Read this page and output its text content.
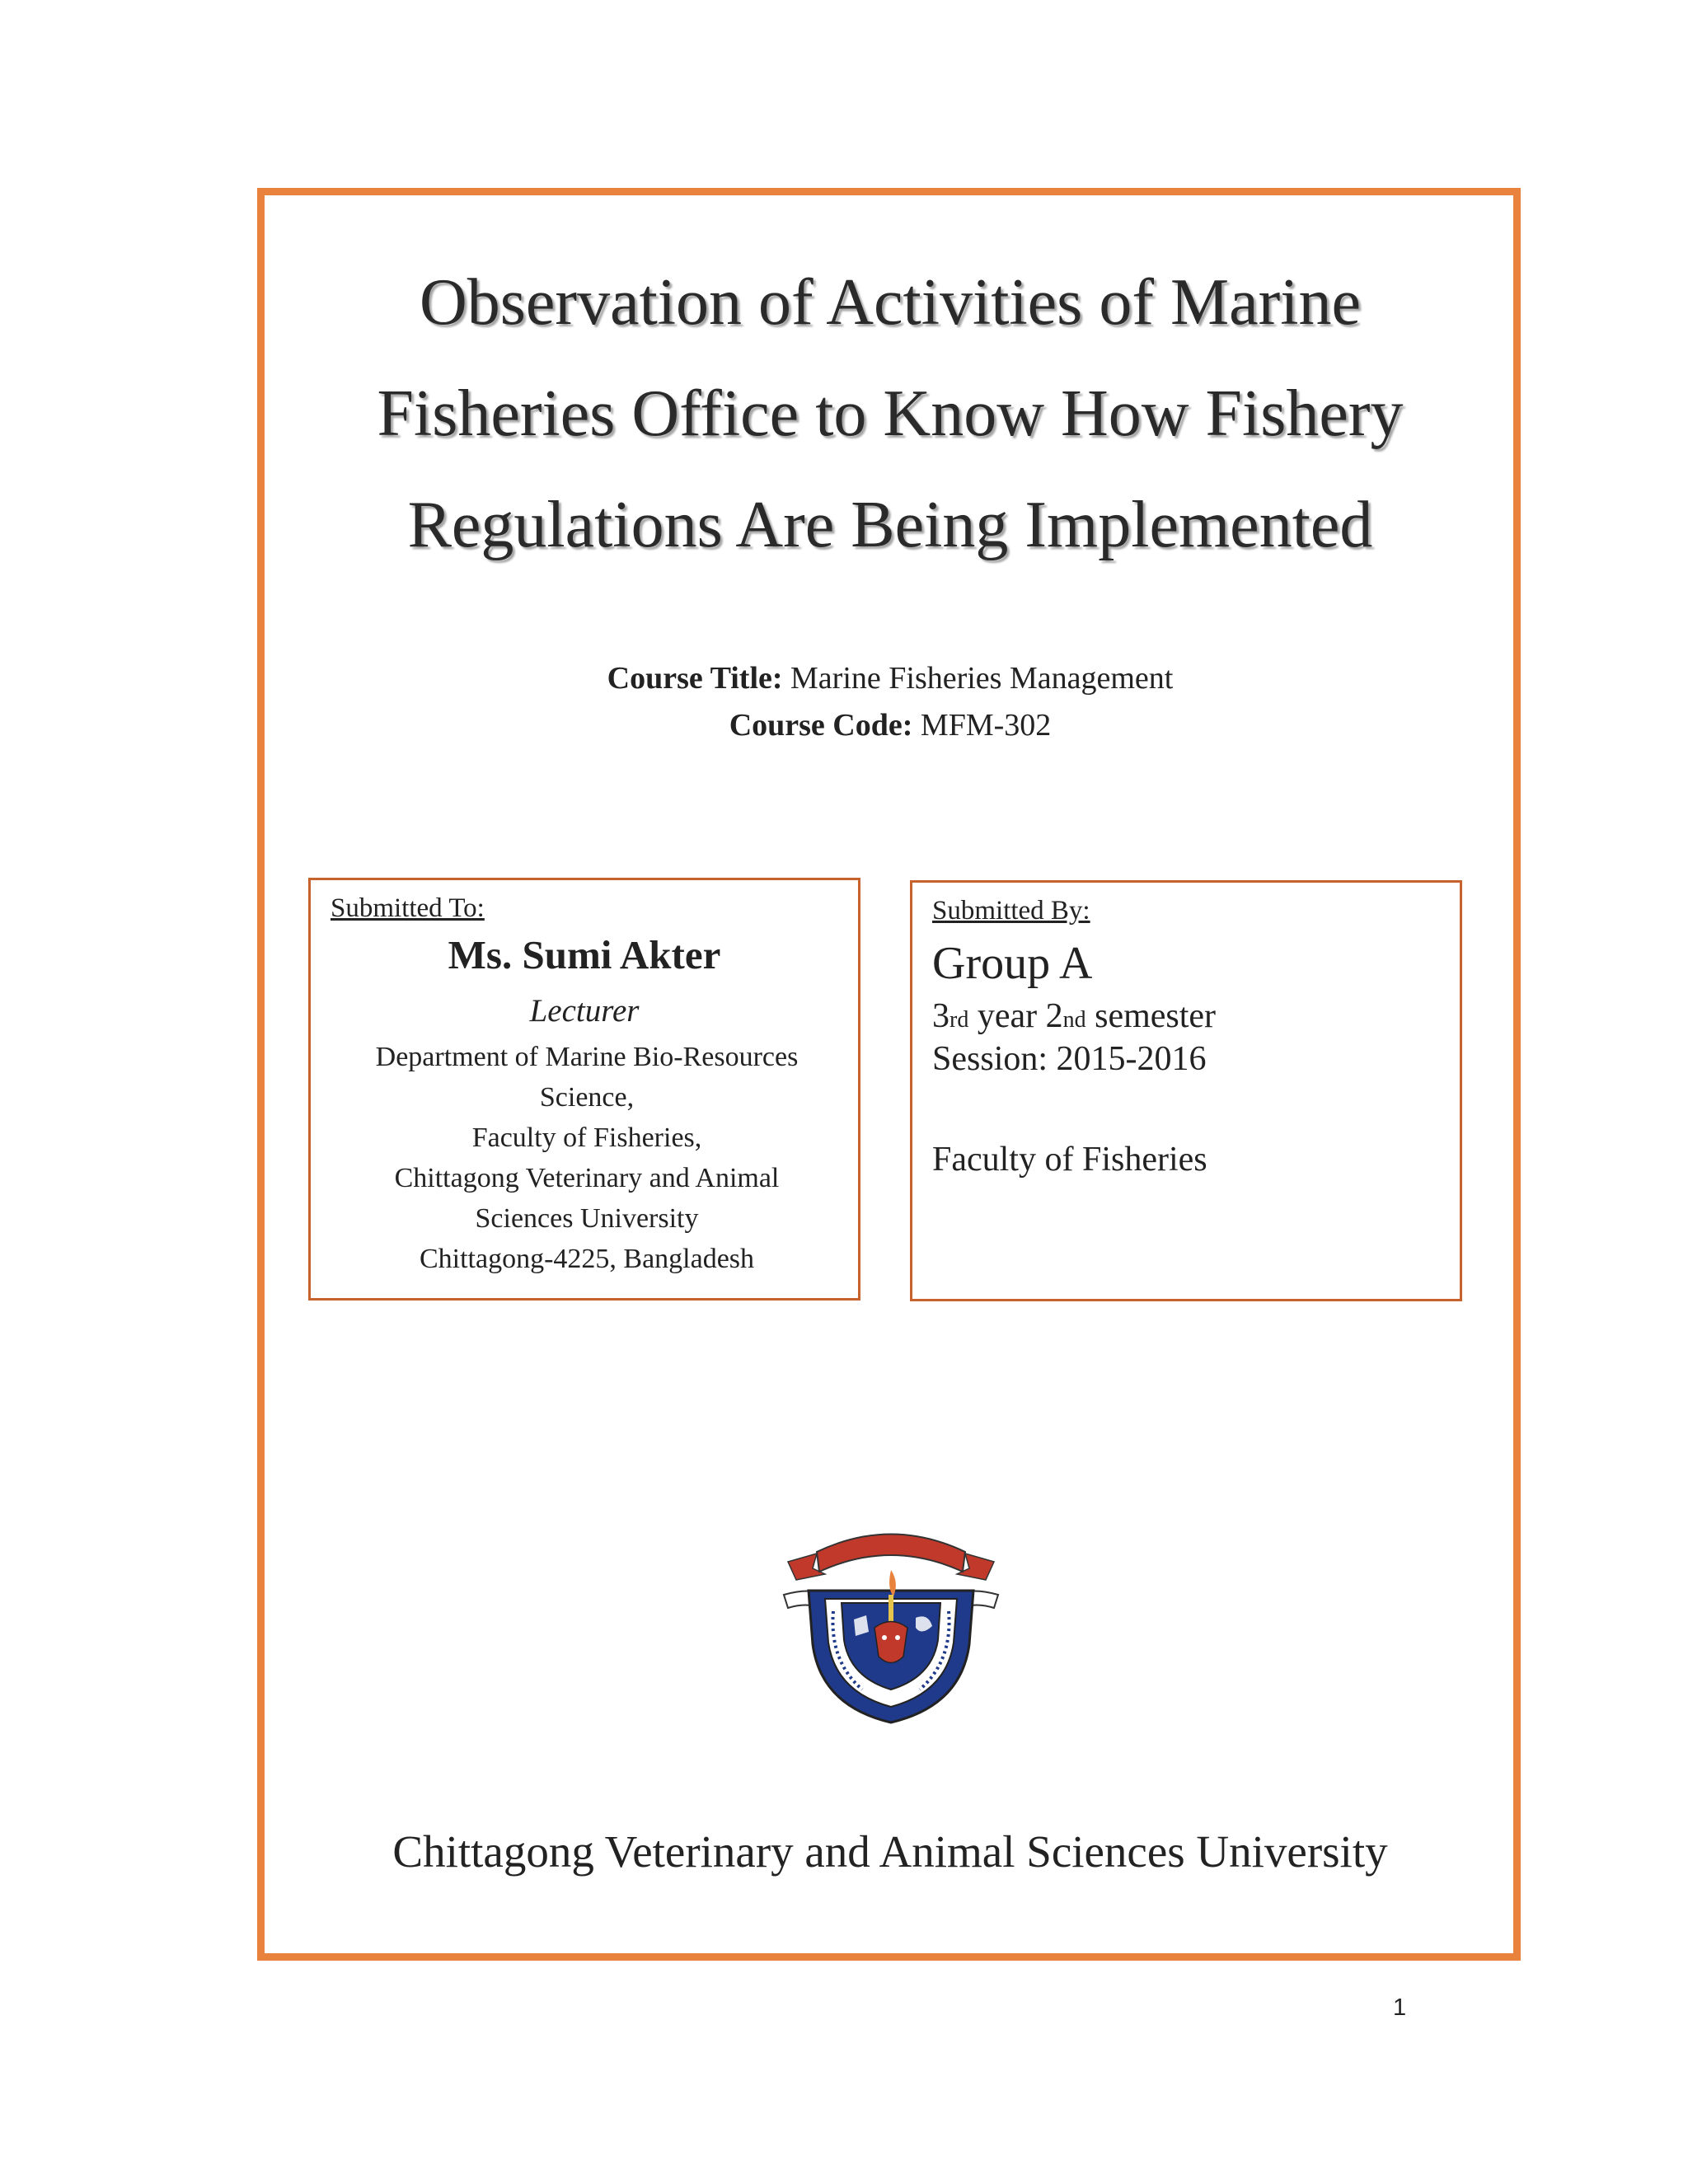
Observation of Activities of Marine
Fisheries Office to Know How Fishery
Regulations Are Being Implemented
Course Title: Marine Fisheries Management
Course Code: MFM-302
Submitted To:
Ms. Sumi Akter
Lecturer
Department of Marine Bio-Resources
Science,
Faculty of Fisheries,
Chittagong Veterinary and Animal
Sciences University
Chittagong-4225, Bangladesh
Submitted By:
Group A
3rd year 2nd semester
Session: 2015-2016
Faculty of Fisheries
Chittagong Veterinary and Animal Sciences University
1
